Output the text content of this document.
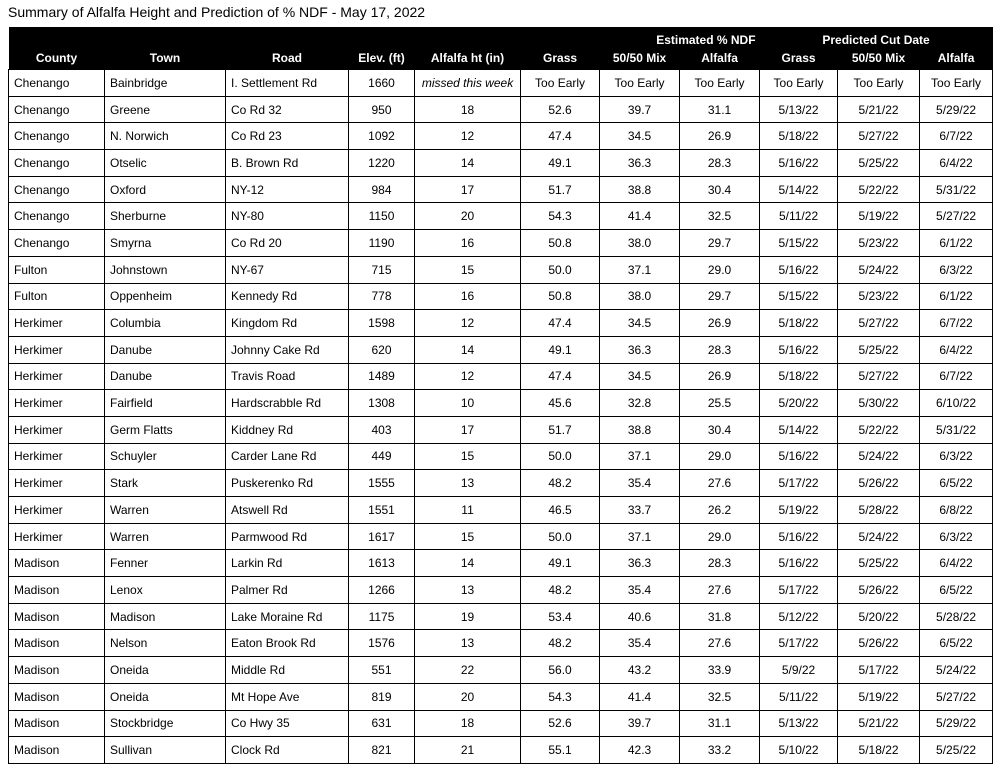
Summary of Alfalfa Height and Prediction of % NDF - May 17, 2022
					Estimated % NDF			Predicted Cut Date		
County	Town	Road	Elev. (ft)	Alfalfa ht (in)	Grass	50/50 Mix	Alfalfa	Grass	50/50 Mix	Alfalfa
Chenango	Bainbridge	I. Settlement Rd	1660	missed this week	Too Early	Too Early	Too Early	Too Early	Too Early	Too Early
Chenango	Greene	Co Rd 32	950	18	52.6	39.7	31.1	5/13/22	5/21/22	5/29/22
Chenango	N. Norwich	Co Rd 23	1092	12	47.4	34.5	26.9	5/18/22	5/27/22	6/7/22
Chenango	Otselic	B. Brown Rd	1220	14	49.1	36.3	28.3	5/16/22	5/25/22	6/4/22
Chenango	Oxford	NY-12	984	17	51.7	38.8	30.4	5/14/22	5/22/22	5/31/22
Chenango	Sherburne	NY-80	1150	20	54.3	41.4	32.5	5/11/22	5/19/22	5/27/22
Chenango	Smyrna	Co Rd 20	1190	16	50.8	38.0	29.7	5/15/22	5/23/22	6/1/22
Fulton	Johnstown	NY-67	715	15	50.0	37.1	29.0	5/16/22	5/24/22	6/3/22
Fulton	Oppenheim	Kennedy Rd	778	16	50.8	38.0	29.7	5/15/22	5/23/22	6/1/22
Herkimer	Columbia	Kingdom Rd	1598	12	47.4	34.5	26.9	5/18/22	5/27/22	6/7/22
Herkimer	Danube	Johnny Cake Rd	620	14	49.1	36.3	28.3	5/16/22	5/25/22	6/4/22
Herkimer	Danube	Travis Road	1489	12	47.4	34.5	26.9	5/18/22	5/27/22	6/7/22
Herkimer	Fairfield	Hardscrabble Rd	1308	10	45.6	32.8	25.5	5/20/22	5/30/22	6/10/22
Herkimer	Germ Flatts	Kiddney Rd	403	17	51.7	38.8	30.4	5/14/22	5/22/22	5/31/22
Herkimer	Schuyler	Carder Lane Rd	449	15	50.0	37.1	29.0	5/16/22	5/24/22	6/3/22
Herkimer	Stark	Puskerenko Rd	1555	13	48.2	35.4	27.6	5/17/22	5/26/22	6/5/22
Herkimer	Warren	Atswell Rd	1551	11	46.5	33.7	26.2	5/19/22	5/28/22	6/8/22
Herkimer	Warren	Parmwood Rd	1617	15	50.0	37.1	29.0	5/16/22	5/24/22	6/3/22
Madison	Fenner	Larkin Rd	1613	14	49.1	36.3	28.3	5/16/22	5/25/22	6/4/22
Madison	Lenox	Palmer Rd	1266	13	48.2	35.4	27.6	5/17/22	5/26/22	6/5/22
Madison	Madison	Lake Moraine Rd	1175	19	53.4	40.6	31.8	5/12/22	5/20/22	5/28/22
Madison	Nelson	Eaton Brook Rd	1576	13	48.2	35.4	27.6	5/17/22	5/26/22	6/5/22
Madison	Oneida	Middle Rd	551	22	56.0	43.2	33.9	5/9/22	5/17/22	5/24/22
Madison	Oneida	Mt Hope Ave	819	20	54.3	41.4	32.5	5/11/22	5/19/22	5/27/22
Madison	Stockbridge	Co Hwy 35	631	18	52.6	39.7	31.1	5/13/22	5/21/22	5/29/22
Madison	Sullivan	Clock Rd	821	21	55.1	42.3	33.2	5/10/22	5/18/22	5/25/22
